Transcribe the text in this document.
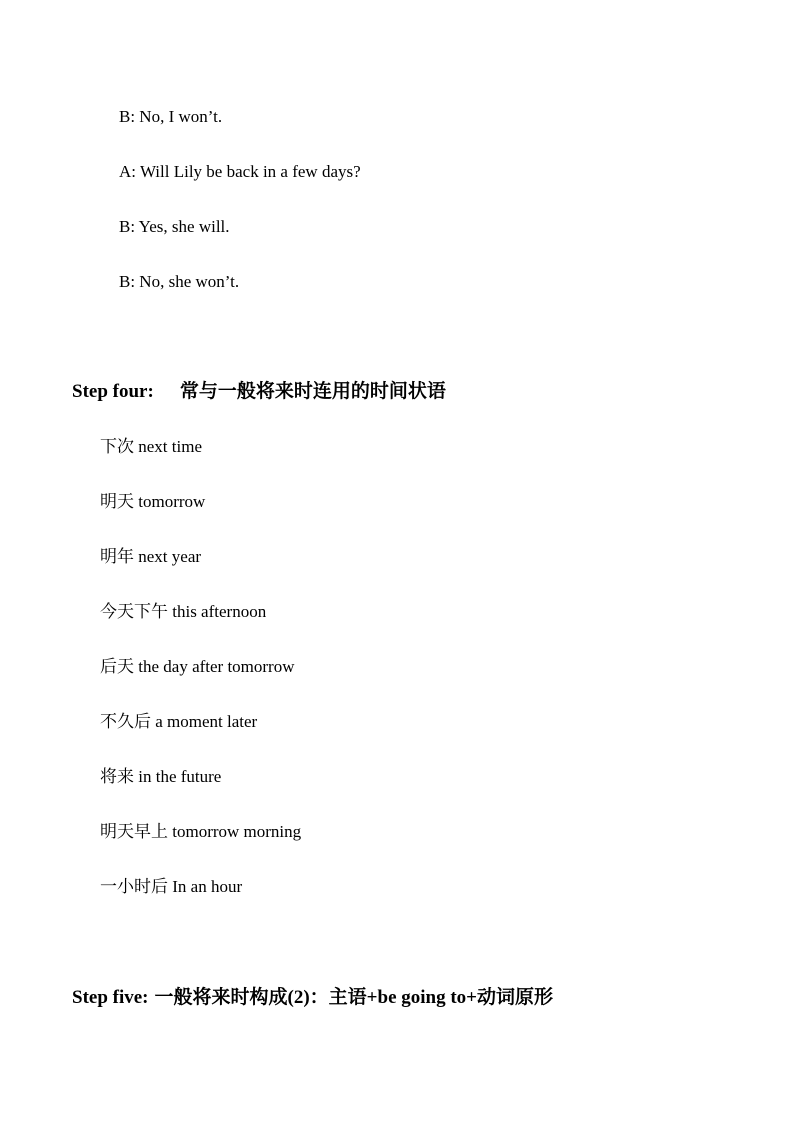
B: No, I won’t.
A: Will Lily be back in a few days?
B: Yes, she will.
B: No, she won’t.
Step four: 常与一般将来时连用的时间状语
下次 next time
明天 tomorrow
明年 next year
今天下午 this afternoon
后天 the day after tomorrow
不久后 a moment later
将来 in the future
明天早上 tomorrow morning
一小时后 In an hour
Step five: 一般将来时构成(2)：主语+be going to+动词原形
